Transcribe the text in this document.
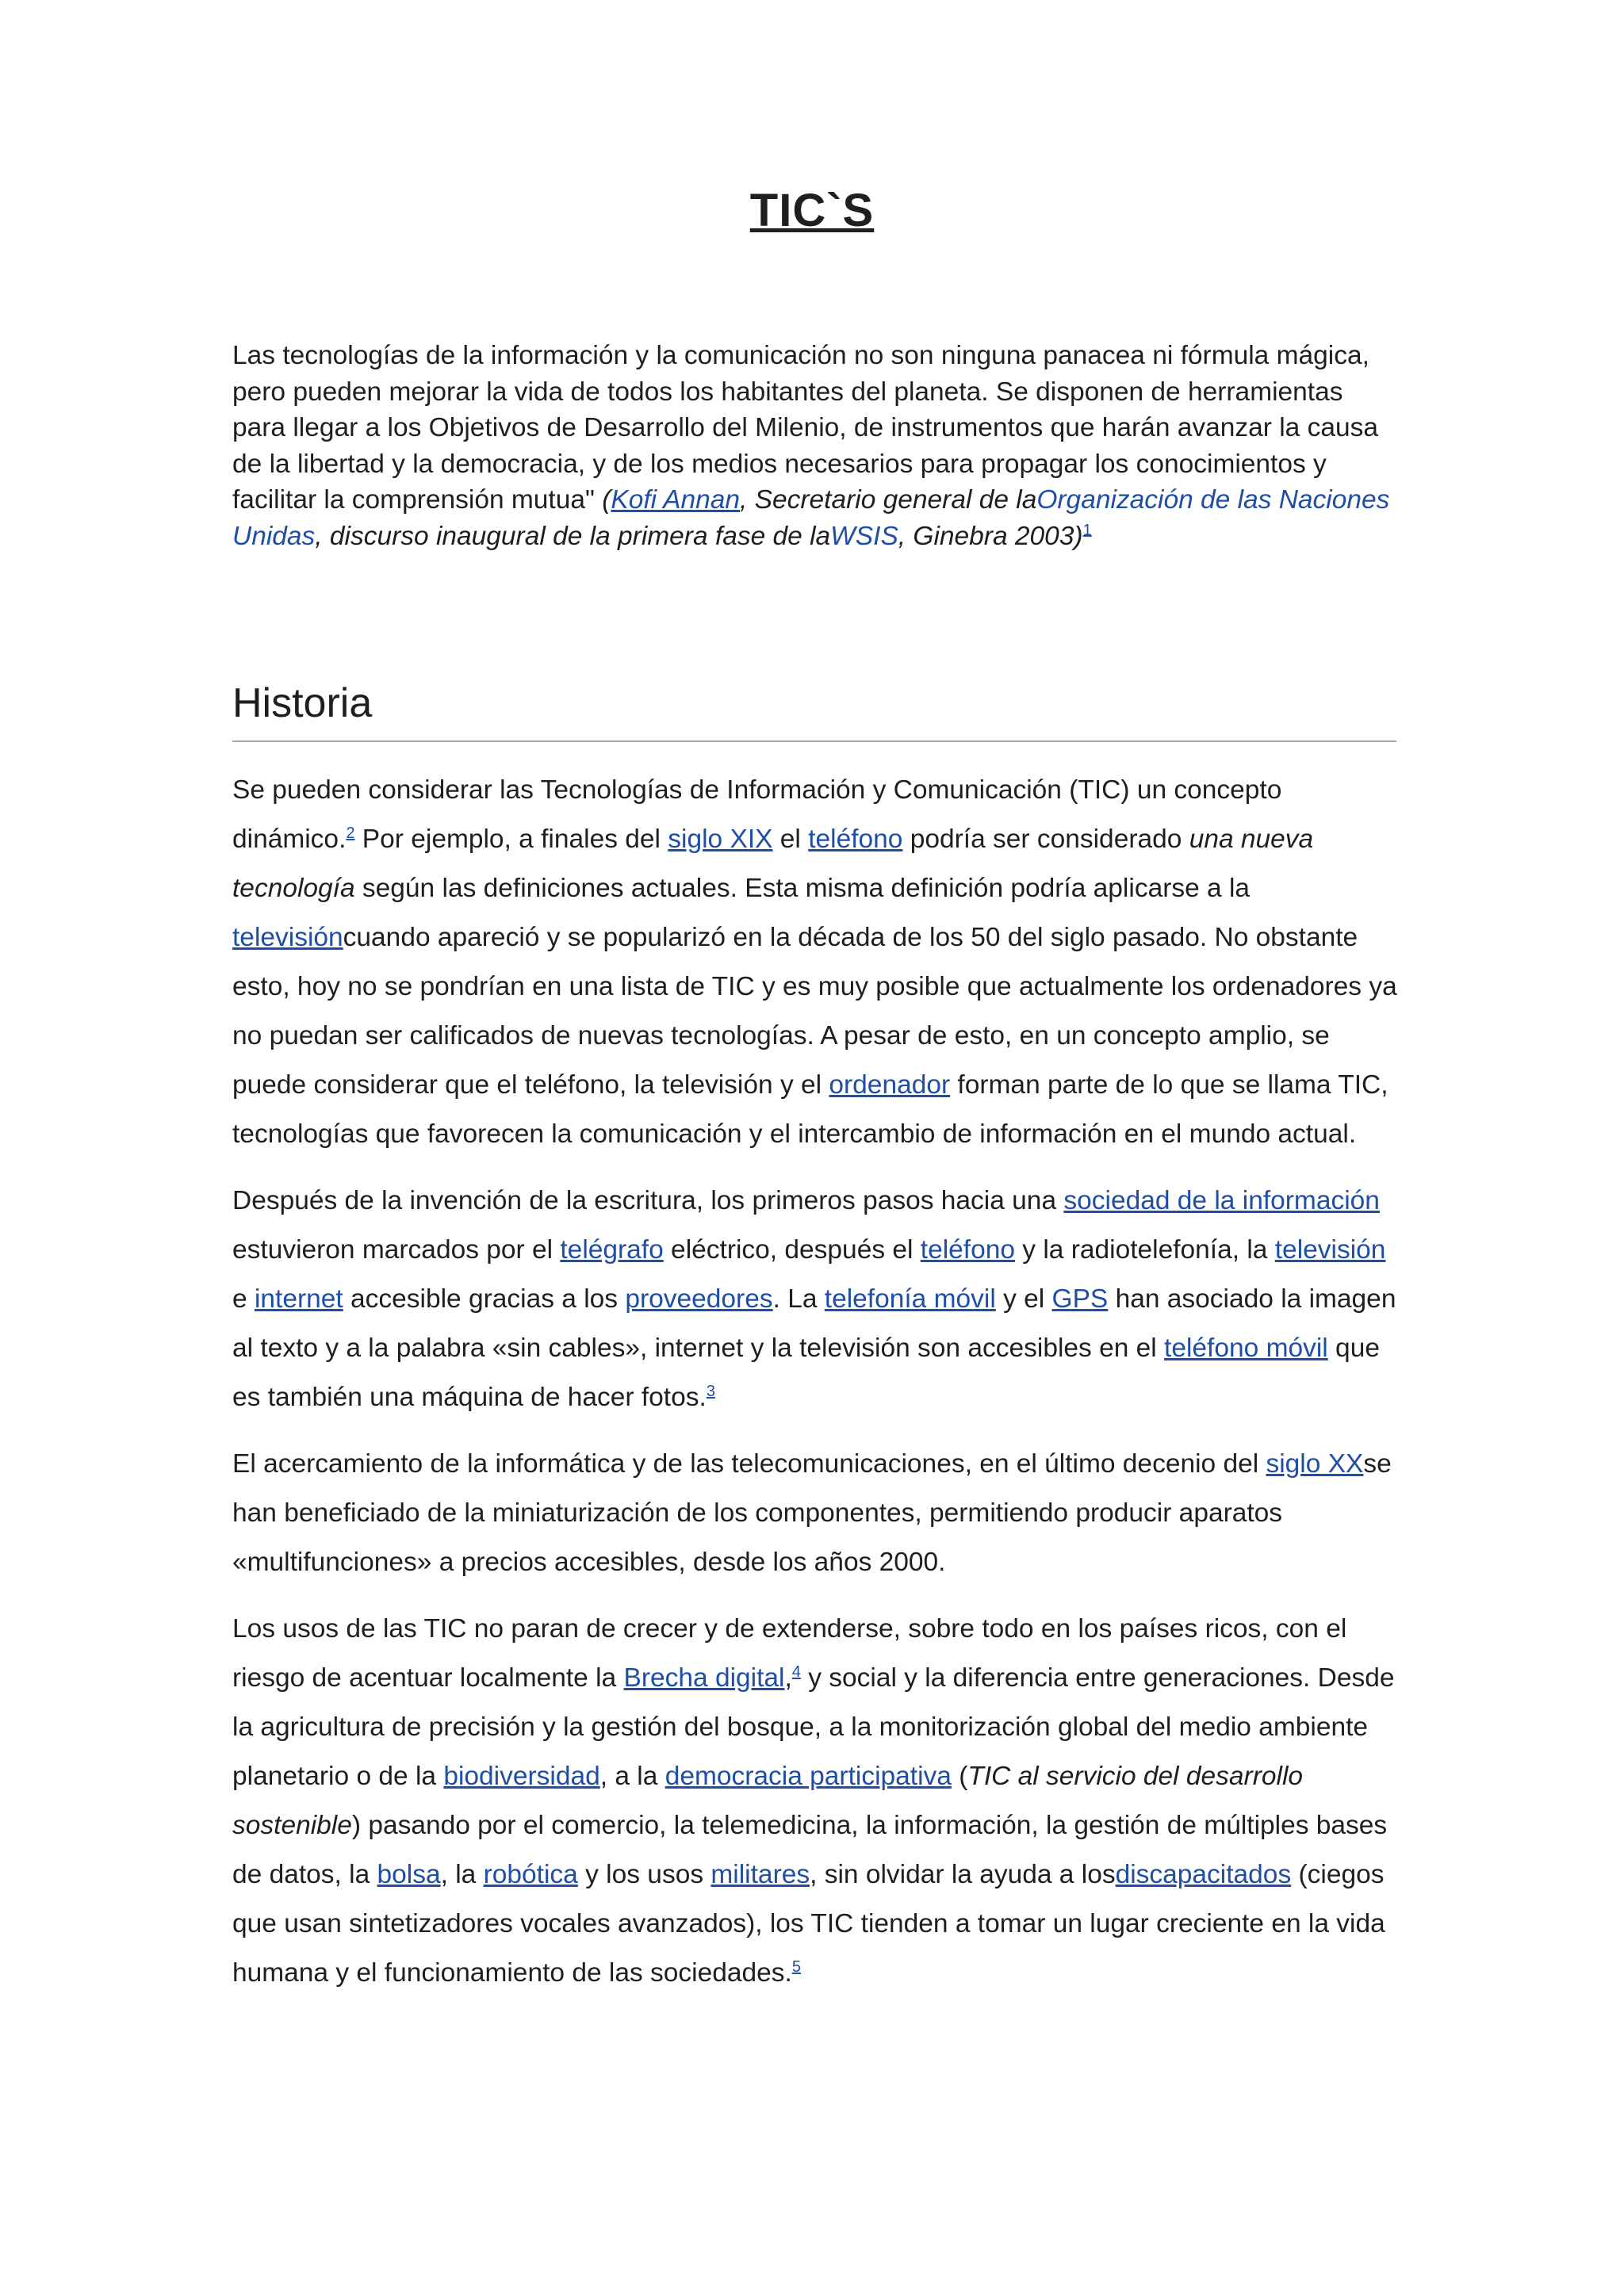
TIC`S

Las tecnologías de la información y la comunicación no son ninguna panacea ni fórmula mágica, pero pueden mejorar la vida de todos los habitantes del planeta. Se disponen de herramientas para llegar a los Objetivos de Desarrollo del Milenio, de instrumentos que harán avanzar la causa de la libertad y la democracia, y de los medios necesarios para propagar los conocimientos y facilitar la comprensión mutua" (Kofi Annan, Secretario general de laOrganización de las Naciones Unidas, discurso inaugural de la primera fase de laWSIS, Ginebra 2003)$^1$

Historia

Se pueden considerar las Tecnologías de Información y Comunicación (TIC) un concepto dinámico.$^2$ Por ejemplo, a finales del siglo XIX el teléfono podría ser considerado una nueva tecnología según las definiciones actuales. Esta misma definición podría aplicarse a la televisióncuando apareció y se popularizó en la década de los 50 del siglo pasado. No obstante esto, hoy no se pondrían en una lista de TIC y es muy posible que actualmente los ordenadores ya no puedan ser calificados de nuevas tecnologías. A pesar de esto, en un concepto amplio, se puede considerar que el teléfono, la televisión y el ordenador forman parte de lo que se llama TIC, tecnologías que favorecen la comunicación y el intercambio de información en el mundo actual.

Después de la invención de la escritura, los primeros pasos hacia una sociedad de la información estuvieron marcados por el telégrafo eléctrico, después el teléfono y la radiotelefonía, la televisión e internet accesible gracias a los proveedores. La telefonía móvil y el GPS han asociado la imagen al texto y a la palabra «sin cables», internet y la televisión son accesibles en el teléfono móvil que es también una máquina de hacer fotos.$^3$

El acercamiento de la informática y de las telecomunicaciones, en el último decenio del siglo XXse han beneficiado de la miniaturización de los componentes, permitiendo producir aparatos «multifunciones» a precios accesibles, desde los años 2000.

Los usos de las TIC no paran de crecer y de extenderse, sobre todo en los países ricos, con el riesgo de acentuar localmente la Brecha digital,$^4$ y social y la diferencia entre generaciones. Desde la agricultura de precisión y la gestión del bosque, a la monitorización global del medio ambiente planetario o de la biodiversidad, a la democracia participativa (TIC al servicio del desarrollo sostenible) pasando por el comercio, la telemedicina, la información, la gestión de múltiples bases de datos, la bolsa, la robótica y los usos militares, sin olvidar la ayuda a losdiscapacitados (ciegos que usan sintetizadores vocales avanzados), los TIC tienden a tomar un lugar creciente en la vida humana y el funcionamiento de las sociedades.$^5$
